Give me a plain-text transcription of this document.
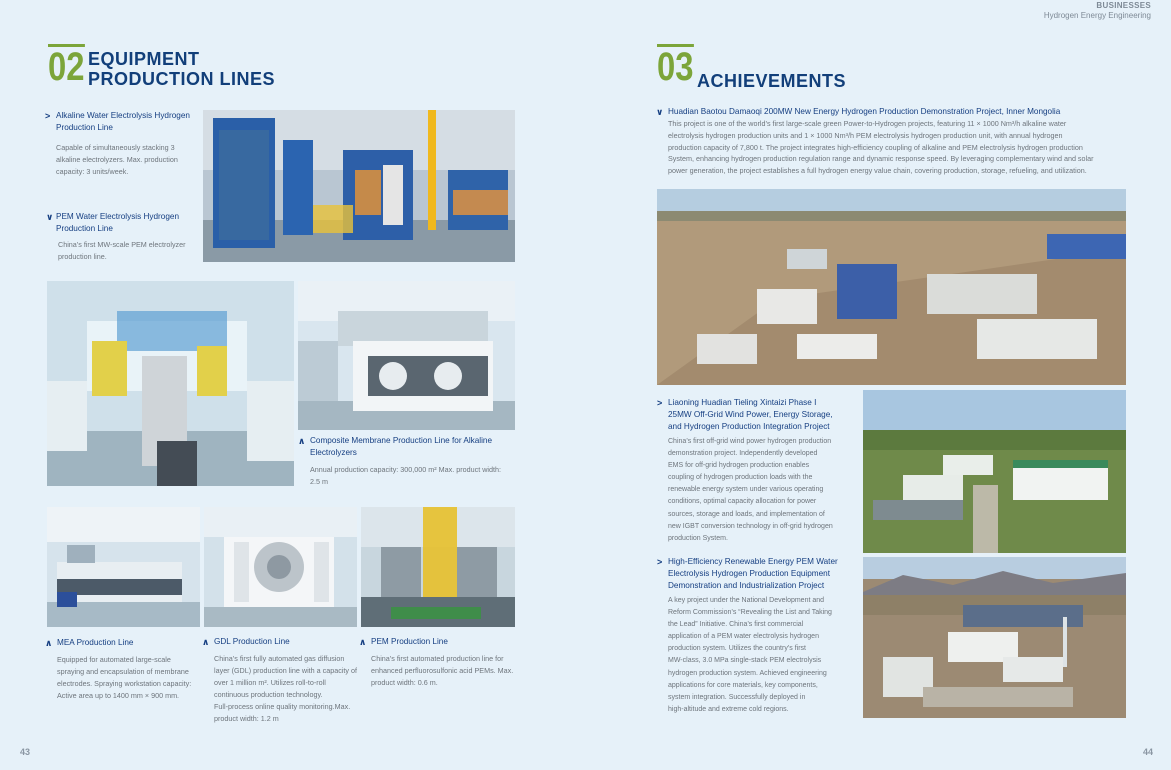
BUSINESSES
Hydrogen Energy Engineering
02 EQUIPMENT
PRODUCTION LINES
> Alkaline Water Electrolysis Hydrogen
Production Line
Capable of simultaneously stacking 3
alkaline electrolyzers. Max. production
capacity: 3 units/week.
∨ PEM Water Electrolysis Hydrogen
Production Line
China’s first MW-scale PEM electrolyzer
production line.
∧ Composite Membrane Production Line for Alkaline
Electrolyzers
Annual production capacity: 300,000 m² Max. product width:
2.5 m
∧ MEA Production Line
Equipped for automated large-scale
spraying and encapsulation of membrane
electrodes. Spraying workstation capacity:
Active area up to 1400 mm × 900 mm.
∧ GDL Production Line
China’s first fully automated gas diffusion
layer (GDL) production line with a capacity of
over 1 million m². Utilizes roll-to-roll
continuous production technology.
Full-process online quality monitoring.Max.
product width: 1.2 m
∧ PEM Production Line
China’s first automated production line for
enhanced perfluorosulfonic acid PEMs. Max.
product width: 0.6 m.
43
03 ACHIEVEMENTS
∨ Huadian Baotou Damaoqi 200MW New Energy Hydrogen Production Demonstration Project, Inner Mongolia
This project is one of the world’s first large-scale green Power-to-Hydrogen projects, featuring 11 × 1000 Nm³/h alkaline water
electrolysis hydrogen production units and 1 × 1000 Nm³/h PEM electrolysis hydrogen production unit, with annual hydrogen
production capacity of 7,800 t. The project integrates high-efficiency coupling of alkaline and PEM electrolysis hydrogen production
System, enhancing hydrogen production regulation range and dynamic response speed. By leveraging complementary wind and solar
power generation, the project establishes a full hydrogen energy value chain, covering production, storage, refueling, and utilization.
> Liaoning Huadian Tieling Xintaizi Phase I
25MW Off-Grid Wind Power, Energy Storage,
and Hydrogen Production Integration Project
China’s first off-grid wind power hydrogen production
demonstration project. Independently developed
EMS for off-grid hydrogen production enables
coupling of hydrogen production loads with the
renewable energy system under various operating
conditions, optimal capacity allocation for power
sources, storage and loads, and implementation of
new IGBT conversion technology in off-grid hydrogen
production System.
> High-Efficiency Renewable Energy PEM Water
Electrolysis Hydrogen Production Equipment
Demonstration and Industrialization Project
A key project under the National Development and
Reform Commission’s “Revealing the List and Taking
the Lead” Initiative. China’s first commercial
application of a PEM water electrolysis hydrogen
production system. Utilizes the country’s first
MW-class, 3.0 MPa single-stack PEM electrolysis
hydrogen production system. Achieved engineering
applications for core materials, key components,
system integration. Successfully deployed in
high-altitude and extreme cold regions.
44
